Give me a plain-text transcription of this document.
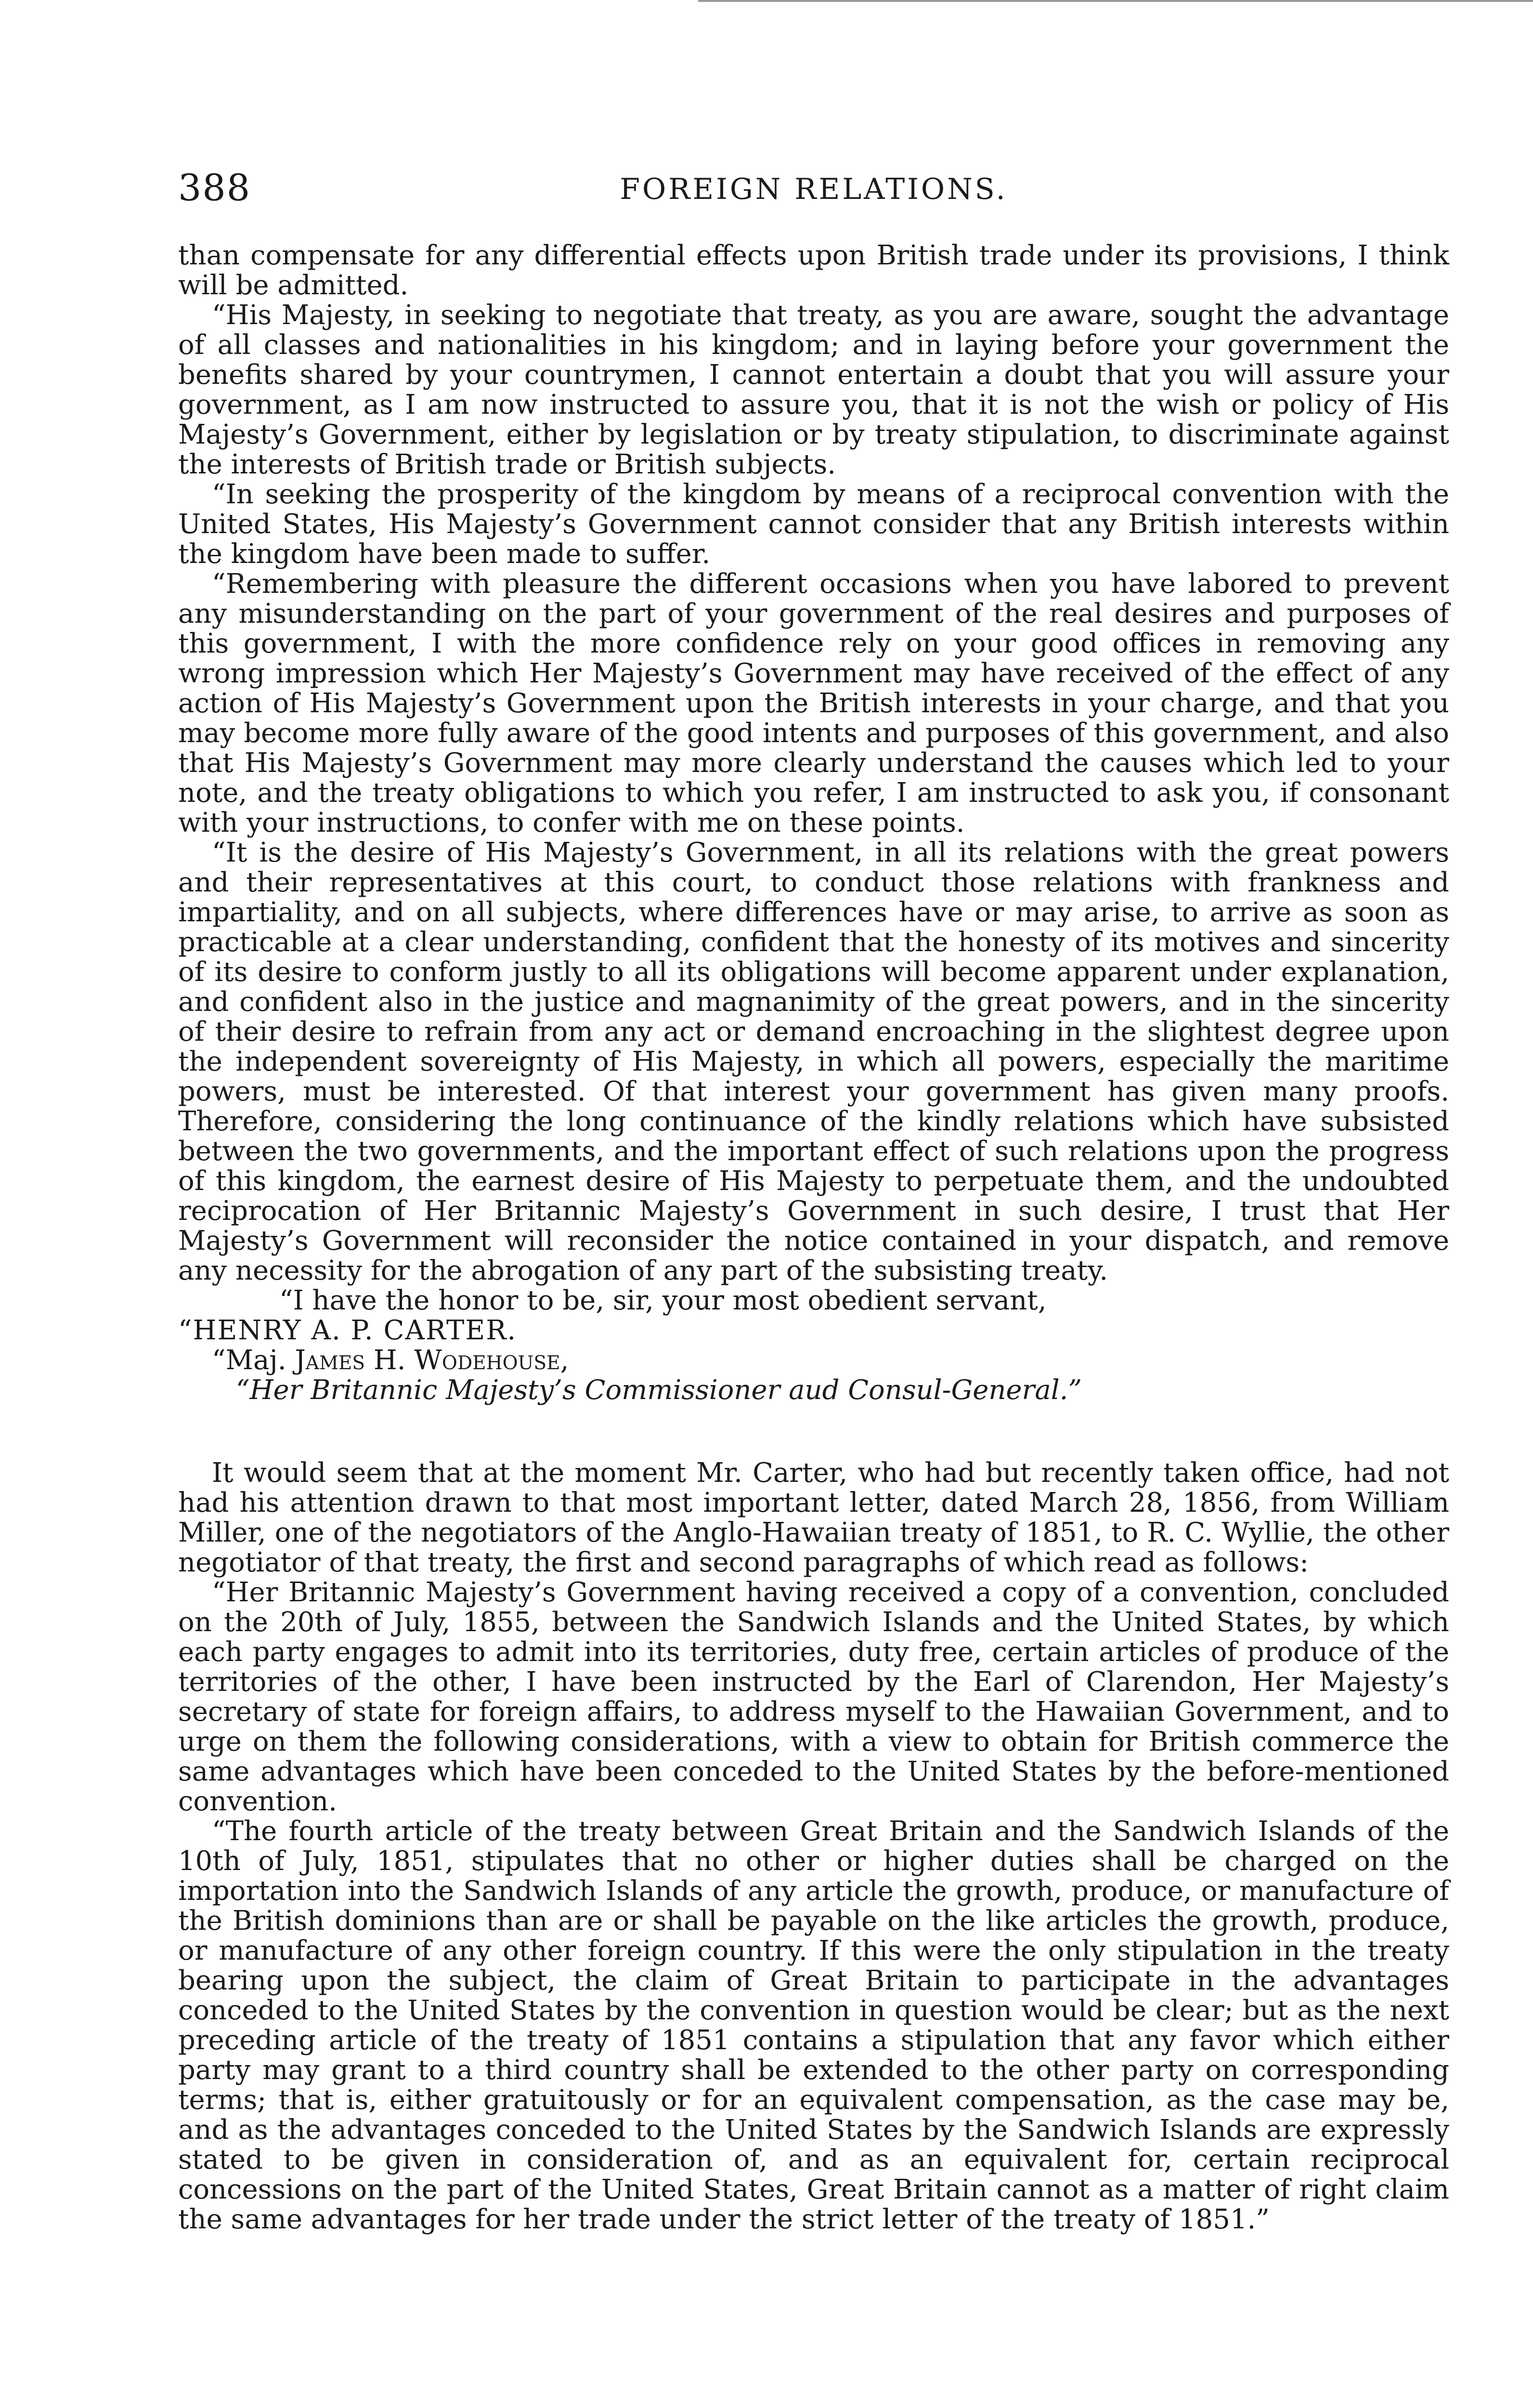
388	FOREIGN RELATIONS.

than compensate for any differential effects upon British trade under its provisions, I think will be admitted.

“His Majesty, in seeking to negotiate that treaty, as you are aware, sought the advantage of all classes and nationalities in his kingdom; and in laying before your government the benefits shared by your countrymen, I cannot entertain a doubt that you will assure your government, as I am now instructed to assure you, that it is not the wish or policy of His Majesty’s Government, either by legislation or by treaty stipulation, to discriminate against the interests of British trade or British subjects.

“In seeking the prosperity of the kingdom by means of a reciprocal convention with the United States, His Majesty’s Government cannot consider that any British interests within the kingdom have been made to suffer.

“Remembering with pleasure the different occasions when you have labored to prevent any misunderstanding on the part of your government of the real desires and purposes of this government, I with the more confidence rely on your good offices in removing any wrong impression which Her Majesty’s Government may have received of the effect of any action of His Majesty’s Government upon the British interests in your charge, and that you may become more fully aware of the good intents and purposes of this government, and also that His Majesty’s Government may more clearly understand the causes which led to your note, and the treaty obligations to which you refer, I am instructed to ask you, if consonant with your instructions, to confer with me on these points.

“It is the desire of His Majesty’s Government, in all its relations with the great powers and their representatives at this court, to conduct those relations with frankness and impartiality, and on all subjects, where differences have or may arise, to arrive as soon as practicable at a clear understanding, confident that the honesty of its motives and sincerity of its desire to conform justly to all its obligations will become apparent under explanation, and confident also in the justice and magnanimity of the great powers, and in the sincerity of their desire to refrain from any act or demand encroaching in the slightest degree upon the independent sovereignty of His Majesty, in which all powers, especially the maritime powers, must be interested. Of that interest your government has given many proofs. Therefore, considering the long continuance of the kindly relations which have subsisted between the two governments, and the important effect of such relations upon the progress of this kingdom, the earnest desire of His Majesty to perpetuate them, and the undoubted reciprocation of Her Britannic Majesty’s Government in such desire, I trust that Her Majesty’s Government will reconsider the notice contained in your dispatch, and remove any necessity for the abrogation of any part of the subsisting treaty.

“I have the honor to be, sir, your most obedient servant,

“HENRY A. P. CARTER.

“Maj. James H. Wodehouse,

“Her Britannic Majesty’s Commissioner aud Consul-General.”

It would seem that at the moment Mr. Carter, who had but recently taken office, had not had his attention drawn to that most important letter, dated March 28, 1856, from William Miller, one of the negotiators of the Anglo-Hawaiian treaty of 1851, to R. C. Wyllie, the other negotiator of that treaty, the first and second paragraphs of which read as follows:

“Her Britannic Majesty’s Government having received a copy of a convention, concluded on the 20th of July, 1855, between the Sandwich Islands and the United States, by which each party engages to admit into its territories, duty free, certain articles of produce of the territories of the other, I have been instructed by the Earl of Clarendon, Her Majesty’s secretary of state for foreign affairs, to address myself to the Hawaiian Government, and to urge on them the following considerations, with a view to obtain for British commerce the same advantages which have been conceded to the United States by the before-mentioned convention.

“The fourth article of the treaty between Great Britain and the Sandwich Islands of the 10th of July, 1851, stipulates that no other or higher duties shall be charged on the importation into the Sandwich Islands of any article the growth, produce, or manufacture of the British dominions than are or shall be payable on the like articles the growth, produce, or manufacture of any other foreign country. If this were the only stipulation in the treaty bearing upon the subject, the claim of Great Britain to participate in the advantages conceded to the United States by the convention in question would be clear; but as the next preceding article of the treaty of 1851 contains a stipulation that any favor which either party may grant to a third country shall be extended to the other party on corresponding terms; that is, either gratuitously or for an equivalent compensation, as the case may be, and as the advantages conceded to the United States by the Sandwich Islands are expressly stated to be given in consideration of, and as an equivalent for, certain reciprocal concessions on the part of the United States, Great Britain cannot as a matter of right claim the same advantages for her trade under the strict letter of the treaty of 1851.”
